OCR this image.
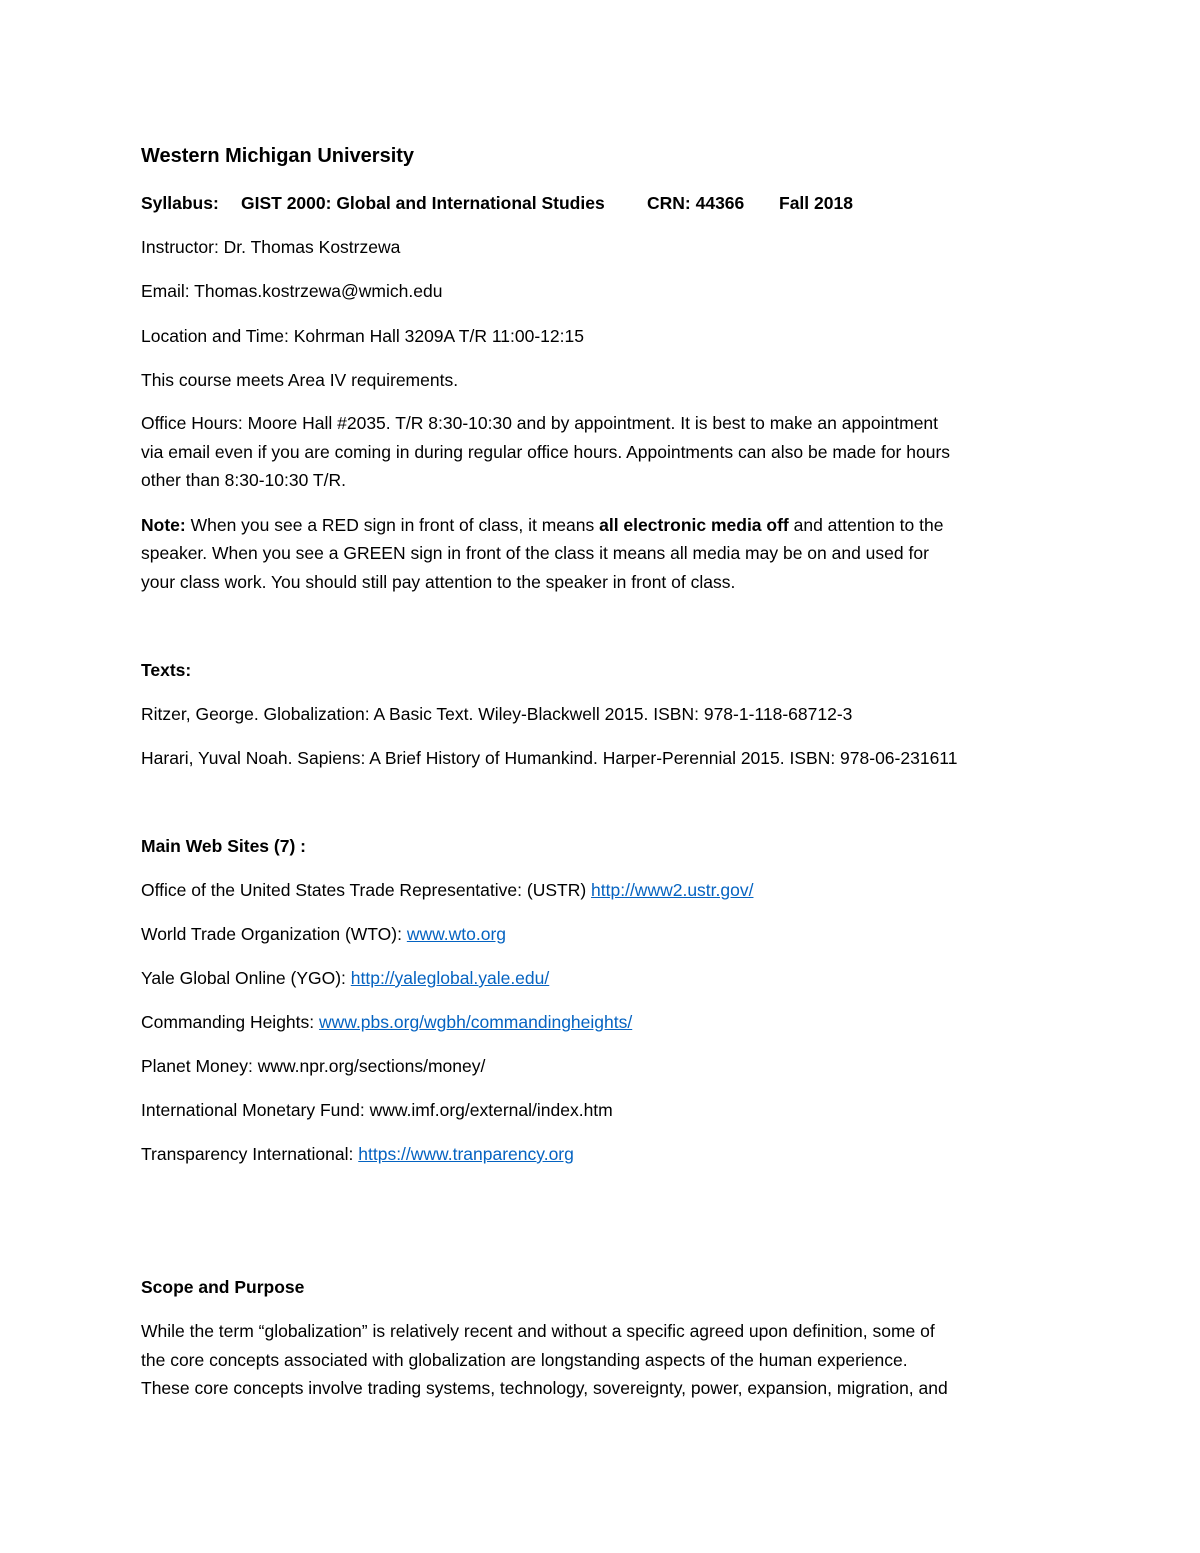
Western Michigan University
Syllabus: GIST 2000: Global and International Studies CRN: 44366 Fall 2018
Instructor: Dr. Thomas Kostrzewa
Email: Thomas.kostrzewa@wmich.edu
Location and Time: Kohrman Hall 3209A T/R 11:00-12:15
This course meets Area IV requirements.
Office Hours: Moore Hall #2035. T/R 8:30-10:30 and by appointment. It is best to make an appointment
via email even if you are coming in during regular office hours. Appointments can also be made for hours
other than 8:30-10:30 T/R.
Note: When you see a RED sign in front of class, it means all electronic media off and attention to the
speaker. When you see a GREEN sign in front of the class it means all media may be on and used for
your class work. You should still pay attention to the speaker in front of class.
Texts:
Ritzer, George. Globalization: A Basic Text. Wiley-Blackwell 2015. ISBN: 978-1-118-68712-3
Harari, Yuval Noah. Sapiens: A Brief History of Humankind. Harper-Perennial 2015. ISBN: 978-06-231611
Main Web Sites (7) :
Office of the United States Trade Representative: (USTR) http://www2.ustr.gov/
World Trade Organization (WTO): www.wto.org
Yale Global Online (YGO): http://yaleglobal.yale.edu/
Commanding Heights: www.pbs.org/wgbh/commandingheights/
Planet Money: www.npr.org/sections/money/
International Monetary Fund: www.imf.org/external/index.htm
Transparency International: https://www.tranparency.org
Scope and Purpose
While the term “globalization” is relatively recent and without a specific agreed upon definition, some of
the core concepts associated with globalization are longstanding aspects of the human experience.
These core concepts involve trading systems, technology, sovereignty, power, expansion, migration, and
